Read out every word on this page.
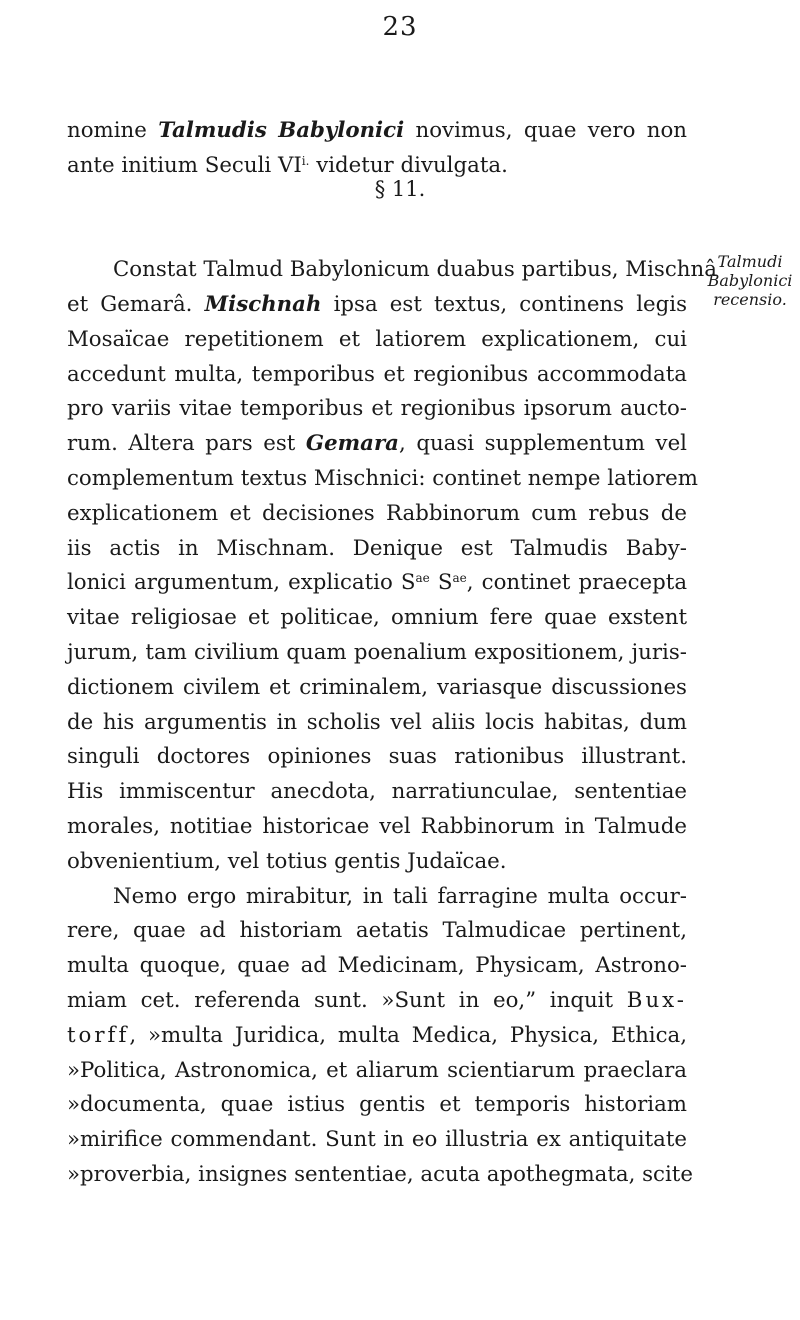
23
Talmudi
Babylonici
recensio.
§ 11.
nomine Talmudis Babylonici novimus, quae vero non
ante initium Seculi $VI^{i.}$ videtur divulgata.
Constat Talmud Babylonicum duabus partibus, Mischnâ
et Gemarâ. Mischnah ipsa est textus, continens legis
Mosaïcae repetitionem et latiorem explicationem, cui
accedunt multa, temporibus et regionibus accommodata
pro variis vitae temporibus et regionibus ipsorum aucto-
rum. Altera pars est Gemara, quasi supplementum vel
complementum textus Mischnici: continet nempe latiorem
explicationem et decisiones Rabbinorum cum rebus de
iis actis in Mischnam. Denique est Talmudis Baby-
lonici argumentum, explicatio $S^{ae}$ $S^{ae}$, continet praecepta
vitae religiosae et politicae, omnium fere quae exstent
jurum, tam civilium quam poenalium expositionem, juris-
dictionem civilem et criminalem, variasque discussiones
de his argumentis in scholis vel aliis locis habitas, dum
singuli doctores opiniones suas rationibus illustrant.
His immiscentur anecdota, narratiunculae, sententiae
morales, notitiae historicae vel Rabbinorum in Talmude
obvenientium, vel totius gentis Judaïcae.
Nemo ergo mirabitur, in tali farragine multa occur-
rere, quae ad historiam aetatis Talmudicae pertinent,
multa quoque, quae ad Medicinam, Physicam, Astrono-
miam cet. referenda sunt. »Sunt in eo,” inquit Bux-
torff, »multa Juridica, multa Medica, Physica, Ethica,
»Politica, Astronomica, et aliarum scientiarum praeclara
»documenta, quae istius gentis et temporis historiam
»mirifice commendant. Sunt in eo illustria ex antiquitate
»proverbia, insignes sententiae, acuta apothegmata, scite
